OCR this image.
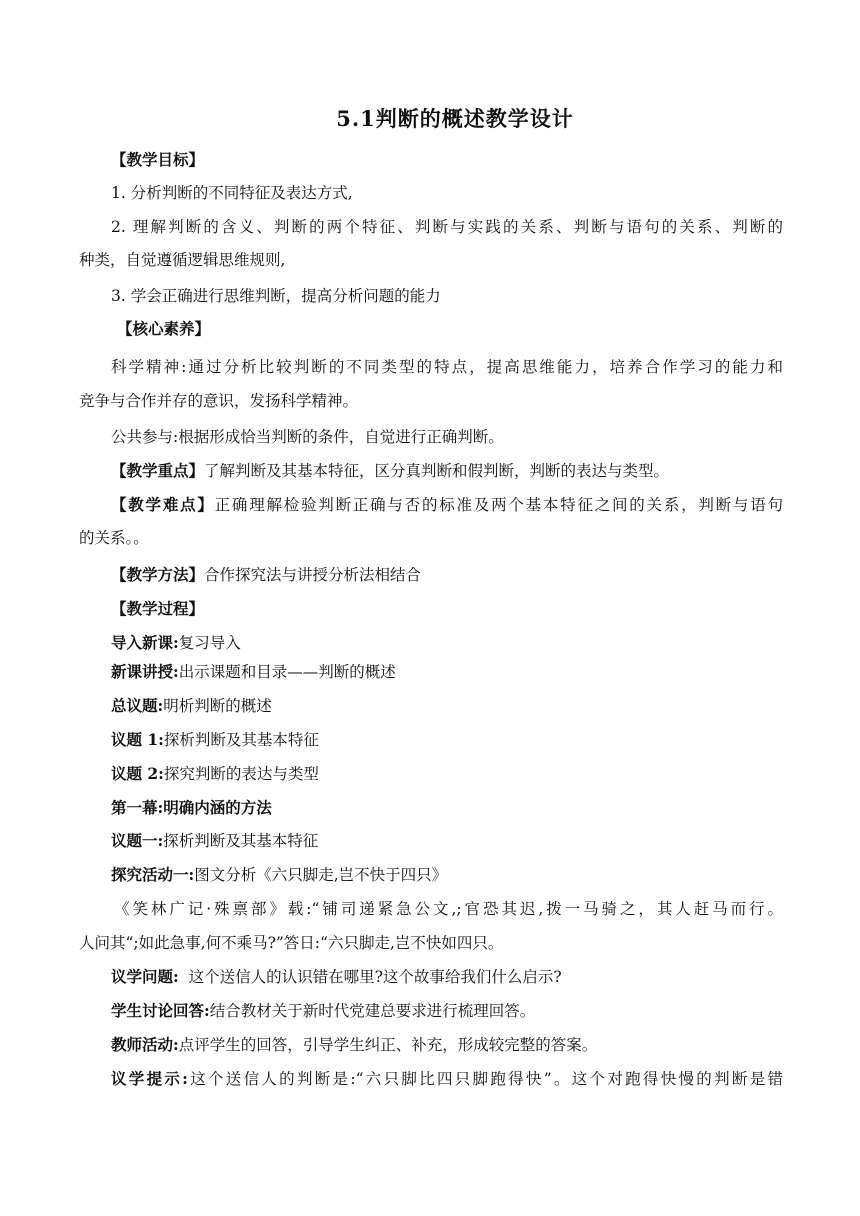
5.1判断的概述教学设计
【教学目标】
1. 分析判断的不同特征及表达方式,
2. 理解判断的含义、判断的两个特征、判断与实践的关系、判断与语句的关系、判断的
种类，自觉遵循逻辑思维规则,
3. 学会正确进行思维判断，提高分析问题的能力
【核心素养】
科学精神:通过分析比较判断的不同类型的特点，提高思维能力，培养合作学习的能力和
竞争与合作并存的意识，发扬科学精神。
公共参与:根据形成恰当判断的条件，自觉进行正确判断。
【教学重点】了解判断及其基本特征，区分真判断和假判断，判断的表达与类型。
【教学难点】正确理解检验判断正确与否的标准及两个基本特征之间的关系，判断与语句
的关系。。
【教学方法】合作探究法与讲授分析法相结合
【教学过程】
导入新课:复习导入
新课讲授:出示课题和目录——判断的概述
总议题:明析判断的概述
议题 1:探析判断及其基本特征
议题 2:探究判断的表达与类型
第一幕:明确内涵的方法
议题一:探析判断及其基本特征
探究活动一:图文分析《六只脚走,岂不快于四只》
《笑林广记·殊禀部》载:“铺司递紧急公文,;官恐其迟,拨一马骑之，其人赶马而行。
人问其“;如此急事,何不乘马?”答日:“六只脚走,岂不快如四只。
议学问题:  这个送信人的认识错在哪里?这个故事给我们什么启示?
学生讨论回答:结合教材关于新时代党建总要求进行梳理回答。
教师活动:点评学生的回答，引导学生纠正、补充，形成较完整的答案。
议学提示:这个送信人的判断是:“六只脚比四只脚跑得快”。这个对跑得快慢的判断是错
